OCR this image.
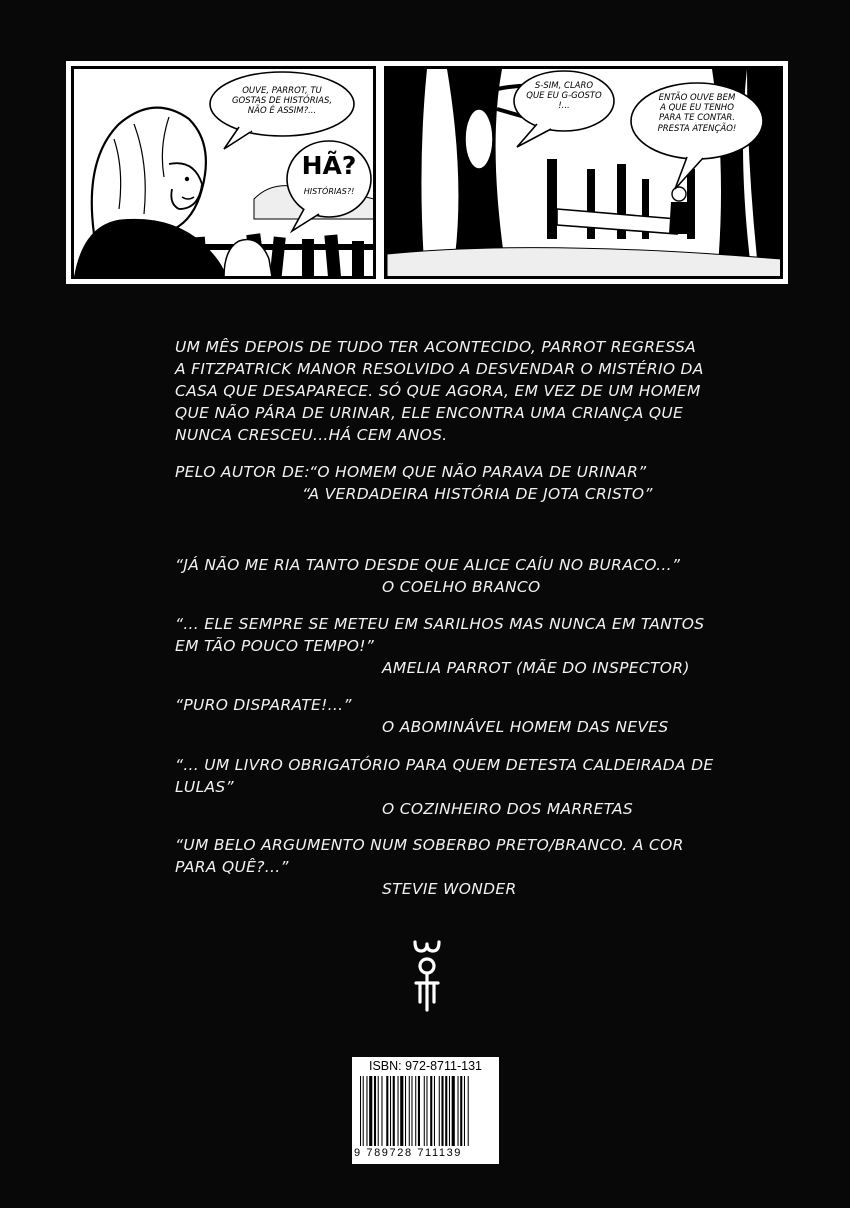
OUVE, PARROT, TU
GOSTAS DE HISTÓRIAS,
NÃO É ASSIM?...
HÃ?
HISTÓRIAS?!
S-SIM, CLARO
QUE EU G-GOSTO
!...
ENTÃO OUVE BEM
A QUE EU TENHO
PARA TE CONTAR.
PRESTA ATENÇÃO!
UM MÊS DEPOIS DE TUDO TER ACONTECIDO, PARROT REGRESSA
A FITZPATRICK MANOR RESOLVIDO A DESVENDAR O MISTÉRIO DA
CASA QUE DESAPARECE. SÓ QUE AGORA, EM VEZ DE UM HOMEM
QUE NÃO PÁRA DE URINAR, ELE ENCONTRA UMA CRIANÇA QUE
NUNCA CRESCEU...HÁ CEM ANOS.
PELO AUTOR DE: “O HOMEM QUE NÃO PARAVA DE URINAR”
“A VERDADEIRA HISTÓRIA DE JOTA CRISTO”
“JÁ NÃO ME RIA TANTO DESDE QUE ALICE CAÍU NO BURACO...”
O COELHO BRANCO
“... ELE SEMPRE SE METEU EM SARILHOS MAS NUNCA EM TANTOS
EM TÃO POUCO TEMPO!”
AMELIA PARROT (MÃE DO INSPECTOR)
“PURO DISPARATE!...”
O ABOMINÁVEL HOMEM DAS NEVES
“... UM LIVRO OBRIGATÓRIO PARA QUEM DETESTA CALDEIRADA DE
LULAS”
O COZINHEIRO DOS MARRETAS
“UM BELO ARGUMENTO NUM SOBERBO PRETO/BRANCO. A COR
PARA QUÊ?...”
STEVIE WONDER
ISBN: 972-8711-131
9 789728 711139
